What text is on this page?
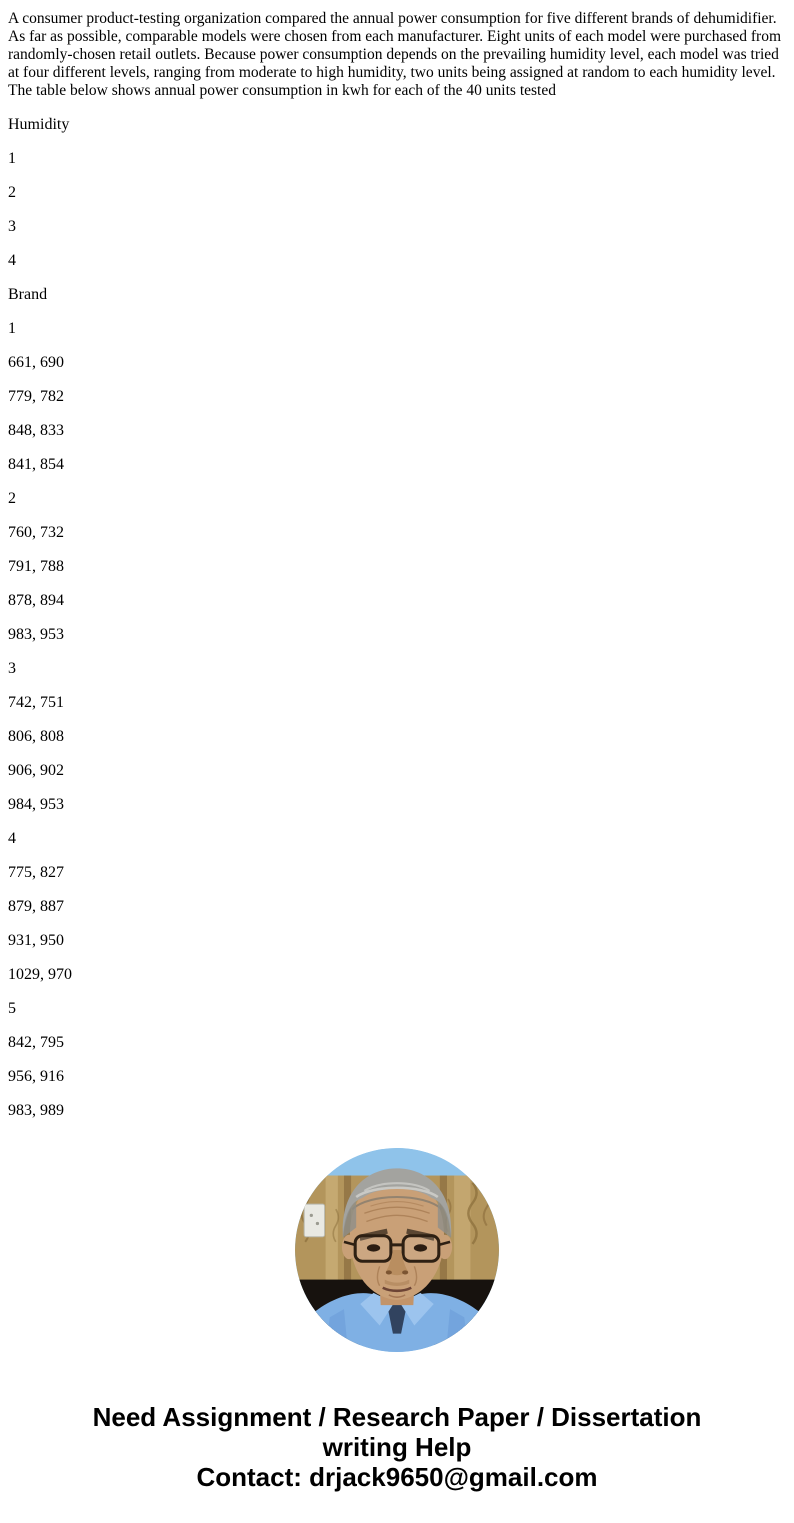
A consumer product-testing organization compared the annual power consumption for five different brands of dehumidifier. As far as possible, comparable models were chosen from each manufacturer. Eight units of each model were purchased from randomly-chosen retail outlets. Because power consumption depends on the prevailing humidity level, each model was tried at four different levels, ranging from moderate to high humidity, two units being assigned at random to each humidity level. The table below shows annual power consumption in kwh for each of the 40 units tested

Humidity

1

2

3

4

Brand

1

661, 690

779, 782

848, 833

841, 854

2

760, 732

791, 788

878, 894

983, 953

3

742, 751

806, 808

906, 902

984, 953

4

775, 827

879, 887

931, 950

1029, 970

5

842, 795

956, 916

983, 989

Need Assignment / Research Paper / Dissertation
writing Help
Contact: drjack9650@gmail.com
